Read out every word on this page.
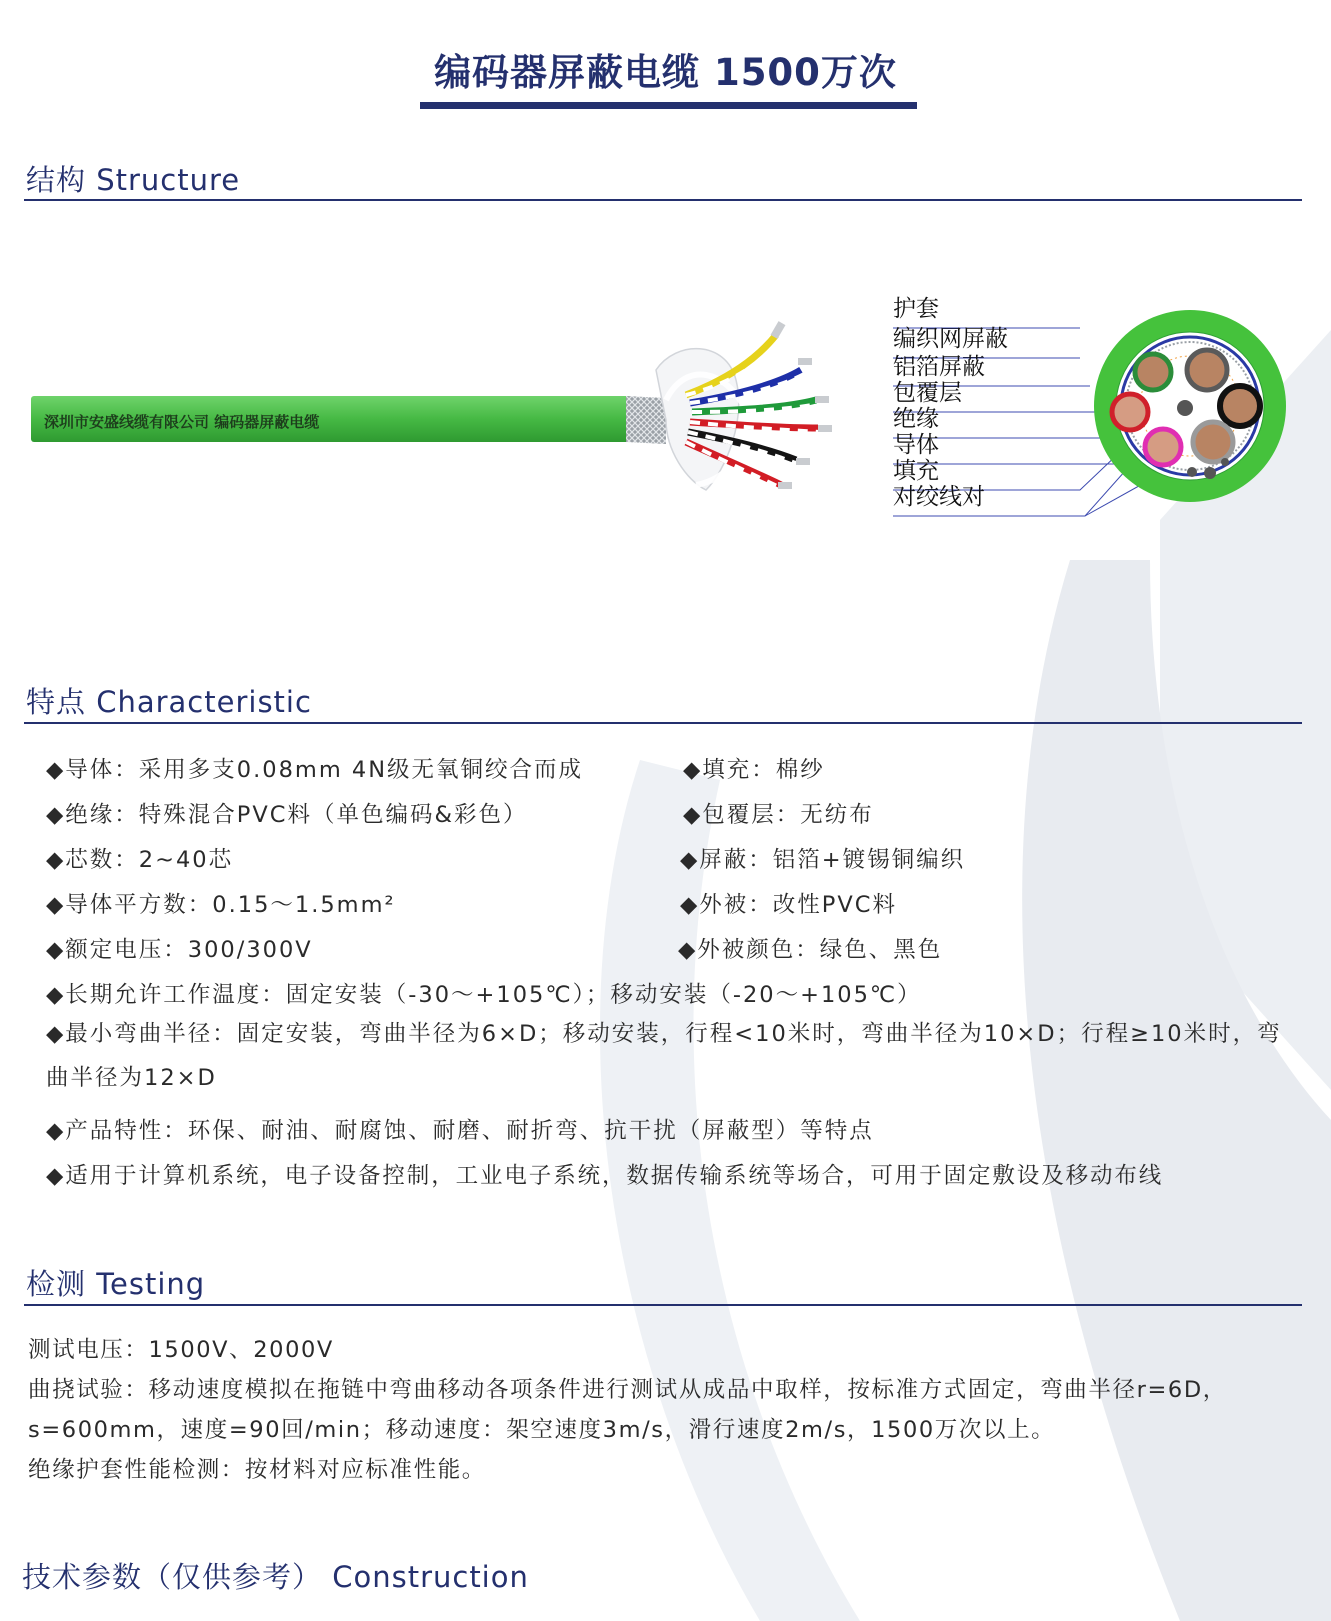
编码器屏蔽电缆 1500万次
结构 Structure
深圳市安盛线缆有限公司 编码器屏蔽电缆
护套
编织网屏蔽
铝箔屏蔽
包覆层
绝缘
导体
填充
对绞线对
特点 Characteristic
◆导体：采用多支0.08mm 4N级无氧铜绞合而成
◆绝缘：特殊混合PVC料（单色编码&彩色）
◆芯数：2~40芯
◆导体平方数：0.15～1.5mm²
◆额定电压：300/300V
◆填充：棉纱
◆包覆层：无纺布
◆屏蔽：铝箔+镀锡铜编织
◆外被：改性PVC料
◆外被颜色：绿色、黑色
◆长期允许工作温度：固定安装（-30～+105℃）；移动安装（-20～+105℃）
◆最小弯曲半径：固定安装，弯曲半径为6×D；移动安装，行程<10米时，弯曲半径为10×D；行程≥10米时，弯曲半径为12×D
◆产品特性：环保、耐油、耐腐蚀、耐磨、耐折弯、抗干扰（屏蔽型）等特点
◆适用于计算机系统，电子设备控制，工业电子系统，数据传输系统等场合，可用于固定敷设及移动布线
检测 Testing
测试电压：1500V、2000V
曲挠试验：移动速度模拟在拖链中弯曲移动各项条件进行测试从成品中取样，按标准方式固定，弯曲半径r=6D，s=600mm，速度=90回/min；移动速度：架空速度3m/s，滑行速度2m/s，1500万次以上。
绝缘护套性能检测：按材料对应标准性能。
技术参数（仅供参考） Construction
